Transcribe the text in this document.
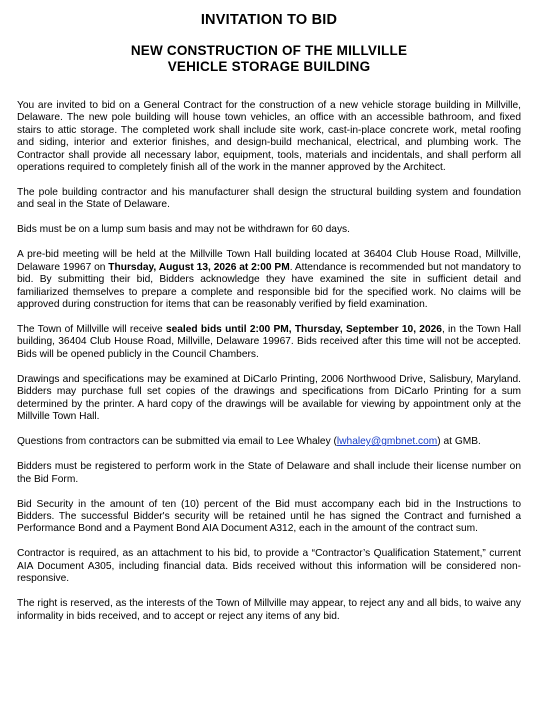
INVITATION TO BID
NEW CONSTRUCTION OF THE MILLVILLE
VEHICLE STORAGE BUILDING

You are invited to bid on a General Contract for the construction of a new vehicle storage building in Millville, Delaware. The new pole building will house town vehicles, an office with an accessible bathroom, and fixed stairs to attic storage. The completed work shall include site work, cast-in-place concrete work, metal roofing and siding, interior and exterior finishes, and design-build mechanical, electrical, and plumbing work. The Contractor shall provide all necessary labor, equipment, tools, materials and incidentals, and shall perform all operations required to completely finish all of the work in the manner approved by the Architect.

The pole building contractor and his manufacturer shall design the structural building system and foundation and seal in the State of Delaware.

Bids must be on a lump sum basis and may not be withdrawn for 60 days.

A pre-bid meeting will be held at the Millville Town Hall building located at 36404 Club House Road, Millville, Delaware 19967 on Thursday, August 13, 2026 at 2:00 PM. Attendance is recommended but not mandatory to bid. By submitting their bid, Bidders acknowledge they have examined the site in sufficient detail and familiarized themselves to prepare a complete and responsible bid for the specified work. No claims will be approved during construction for items that can be reasonably verified by field examination.

The Town of Millville will receive sealed bids until 2:00 PM, Thursday, September 10, 2026, in the Town Hall building, 36404 Club House Road, Millville, Delaware 19967. Bids received after this time will not be accepted. Bids will be opened publicly in the Council Chambers.

Drawings and specifications may be examined at DiCarlo Printing, 2006 Northwood Drive, Salisbury, Maryland. Bidders may purchase full set copies of the drawings and specifications from DiCarlo Printing for a sum determined by the printer. A hard copy of the drawings will be available for viewing by appointment only at the Millville Town Hall.

Questions from contractors can be submitted via email to Lee Whaley (lwhaley@gmbnet.com) at GMB.

Bidders must be registered to perform work in the State of Delaware and shall include their license number on the Bid Form.

Bid Security in the amount of ten (10) percent of the Bid must accompany each bid in the Instructions to Bidders. The successful Bidder's security will be retained until he has signed the Contract and furnished a Performance Bond and a Payment Bond AIA Document A312, each in the amount of the contract sum.

Contractor is required, as an attachment to his bid, to provide a “Contractor’s Qualification Statement,” current AIA Document A305, including financial data. Bids received without this information will be considered non-responsive.

The right is reserved, as the interests of the Town of Millville may appear, to reject any and all bids, to waive any informality in bids received, and to accept or reject any items of any bid.
